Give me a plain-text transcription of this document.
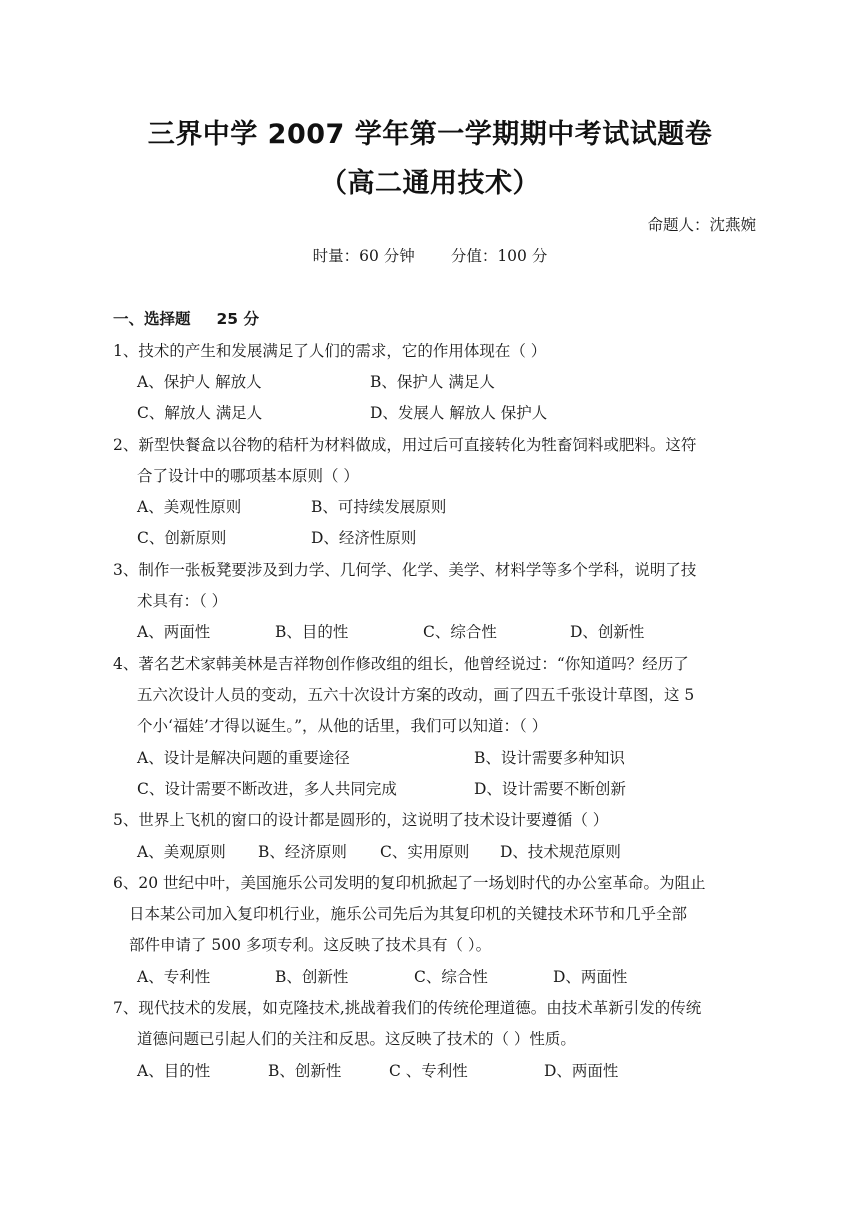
三界中学 2007 学年第一学期期中考试试题卷
（高二通用技术）
命题人：沈燕婉
时量：60 分钟 分值：100 分
一、选择题 25 分
1、技术的产生和发展满足了人们的需求，它的作用体现在（ ）
A、保护人 解放人	B、保护人 满足人
C、解放人 满足人	D、发展人 解放人 保护人
2、新型快餐盒以谷物的秸杆为材料做成，用过后可直接转化为牲畜饲料或肥料。这符
合了设计中的哪项基本原则（ ）
A、美观性原则	B、可持续发展原则
C、创新原则	D、经济性原则
3、制作一张板凳要涉及到力学、几何学、化学、美学、材料学等多个学科，说明了技
术具有：（ ）
A、两面性	B、目的性	C、综合性	D、创新性
4、著名艺术家韩美林是吉祥物创作修改组的组长，他曾经说过：“你知道吗？经历了
五六次设计人员的变动，五六十次设计方案的改动，画了四五千张设计草图，这 5
个小‘福娃’才得以诞生。”，从他的话里，我们可以知道：（ ）
A、设计是解决问题的重要途径	B、设计需要多种知识
C、设计需要不断改进，多人共同完成	D、设计需要不断创新
5、世界上飞机的窗口的设计都是圆形的，这说明了技术设计要遵循（ ）
A、美观原则 B、经济原则 C、实用原则 D、技术规范原则
6、20 世纪中叶，美国施乐公司发明的复印机掀起了一场划时代的办公室革命。为阻止
日本某公司加入复印机行业，施乐公司先后为其复印机的关键技术环节和几乎全部
部件申请了 500 多项专利。这反映了技术具有（ ）。
A、专利性	B、创新性	C、综合性	D、两面性
7、现代技术的发展，如克隆技术,挑战着我们的传统伦理道德。由技术革新引发的传统
道德问题已引起人们的关注和反思。这反映了技术的（ ）性质。
A、目的性	B、创新性	C 、专利性	D、两面性
